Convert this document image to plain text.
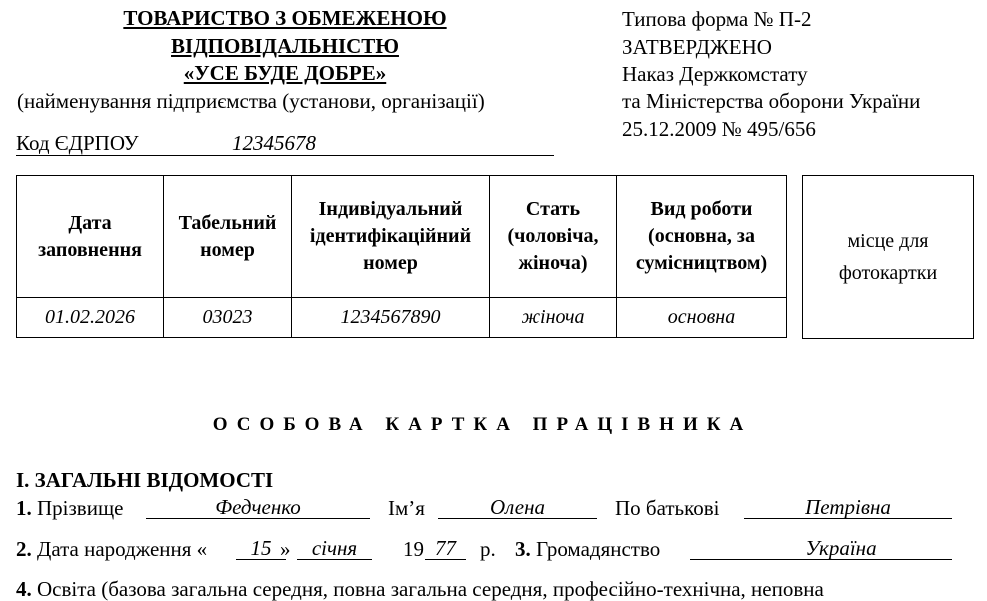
ТОВАРИСТВО З ОБМЕЖЕНОЮ
ВІДПОВІДАЛЬНІСТЮ
«УСЕ БУДЕ ДОБРЕ»
(найменування підприємства (установи, організації)
Код ЄДРПОУ	12345678
Типова форма № П-2
ЗАТВЕРДЖЕНО
Наказ Держкомстату
та Міністерства оборони України
25.12.2009 № 495/656
Дата заповнення	Табельний номер	Індивідуальний ідентифікаційний номер	Стать (чоловіча, жіноча)	Вид роботи (основна, за сумісництвом)
01.02.2026	03023	1234567890	жіноча	основна
місце для фотокартки
ОСОБОВА КАРТКА ПРАЦІВНИКА
І. ЗАГАЛЬНІ ВІДОМОСТІ
1. Прізвище	Федченко	Ім’я	Олена	По батькові	Петрівна
2. Дата народження «	15 »	січня	19 77	р. 3. Громадянство	Україна
4. Освіта (базова загальна середня, повна загальна середня, професійно-технічна, неповна
